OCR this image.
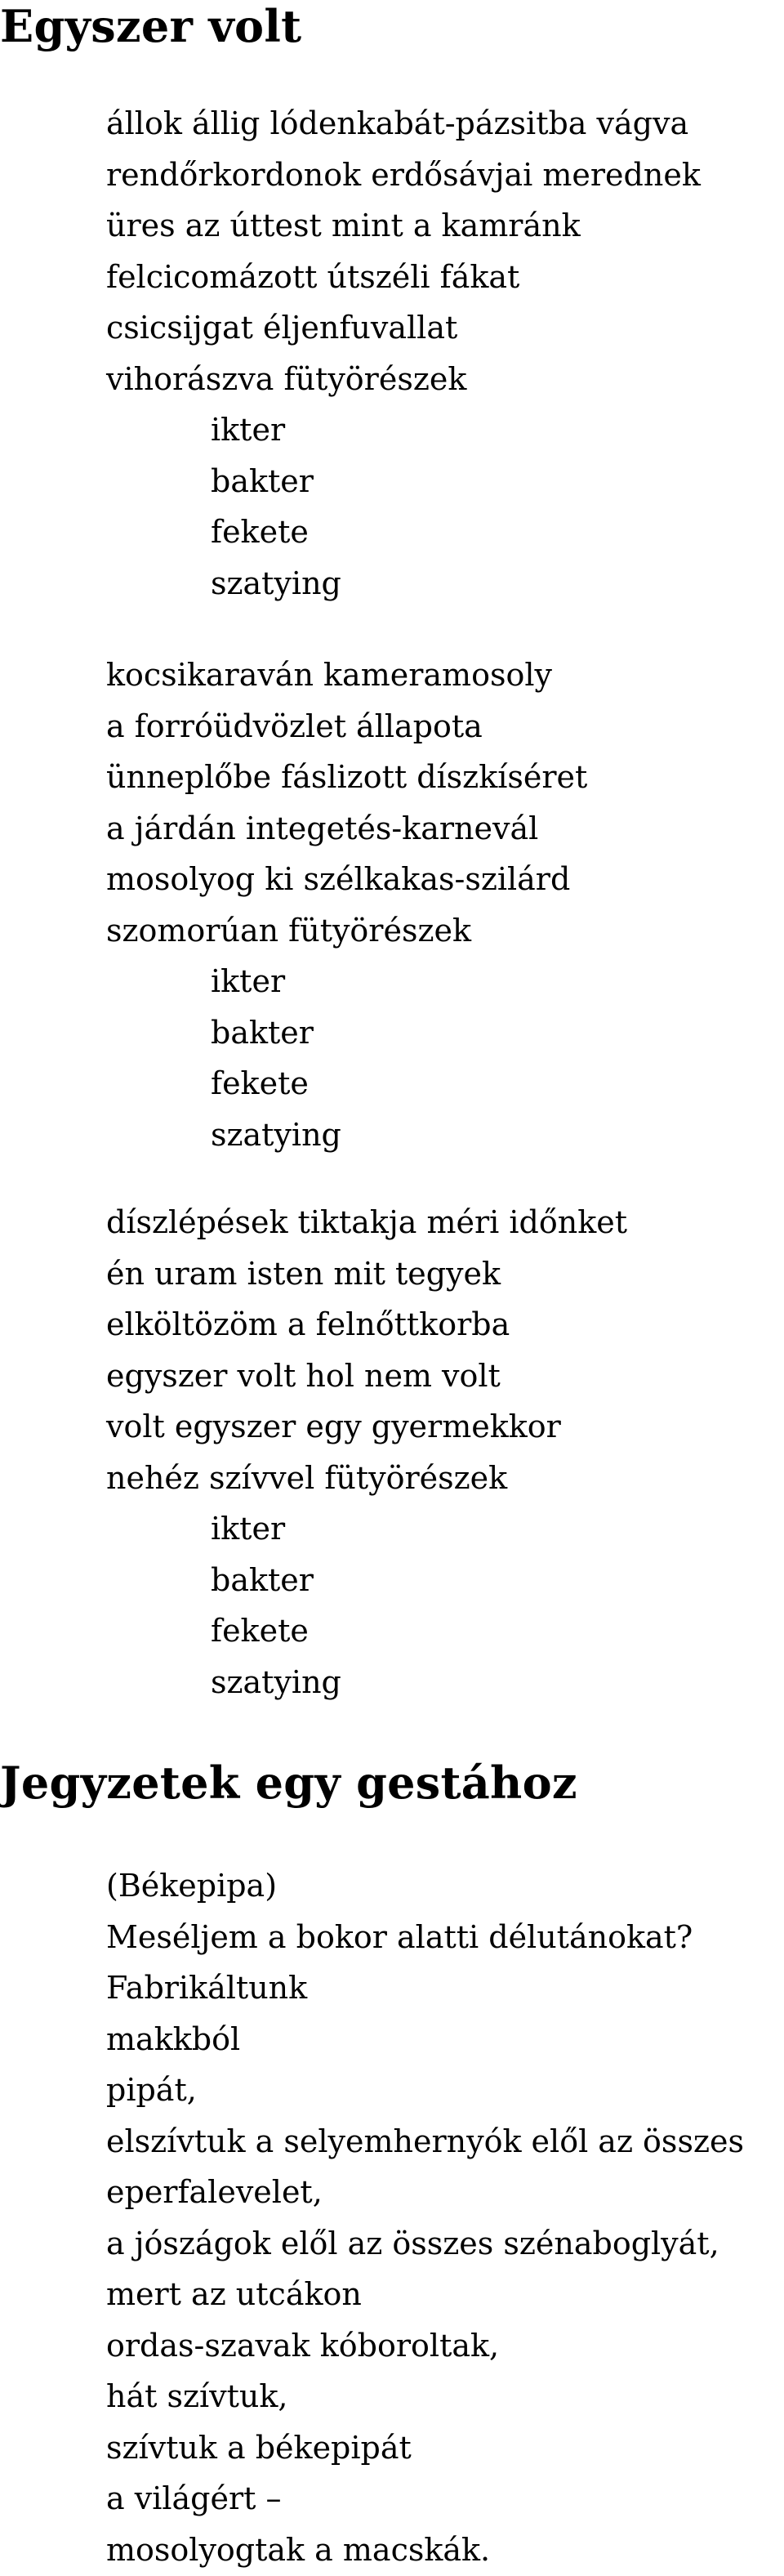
Egyszer volt
állok állig lódenkabát-pázsitba vágva
rendőrkordonok erdősávjai merednek
üres az úttest mint a kamránk
felcicomázott útszéli fákat
csicsijgat éljenfuvallat
vihorászva fütyörészek
ikter
bakter
fekete
szatying
kocsikaraván kameramosoly
a forróüdvözlet állapota
ünneplőbe fáslizott díszkíséret
a járdán integetés-karnevál
mosolyog ki szélkakas-szilárd
szomorúan fütyörészek
ikter
bakter
fekete
szatying
díszlépések tiktakja méri időnket
én uram isten mit tegyek
elköltözöm a felnőttkorba
egyszer volt hol nem volt
volt egyszer egy gyermekkor
nehéz szívvel fütyörészek
ikter
bakter
fekete
szatying
Jegyzetek egy gestához
(Békepipa)
Meséljem a bokor alatti délutánokat?
Fabrikáltunk
makkból
pipát,
elszívtuk a selyemhernyók elől az összes
eperfalevelet,
a jószágok elől az összes szénaboglyát,
mert az utcákon
ordas-szavak kóboroltak,
hát szívtuk,
szívtuk a békepipát
a világért –
mosolyogtak a macskák.
